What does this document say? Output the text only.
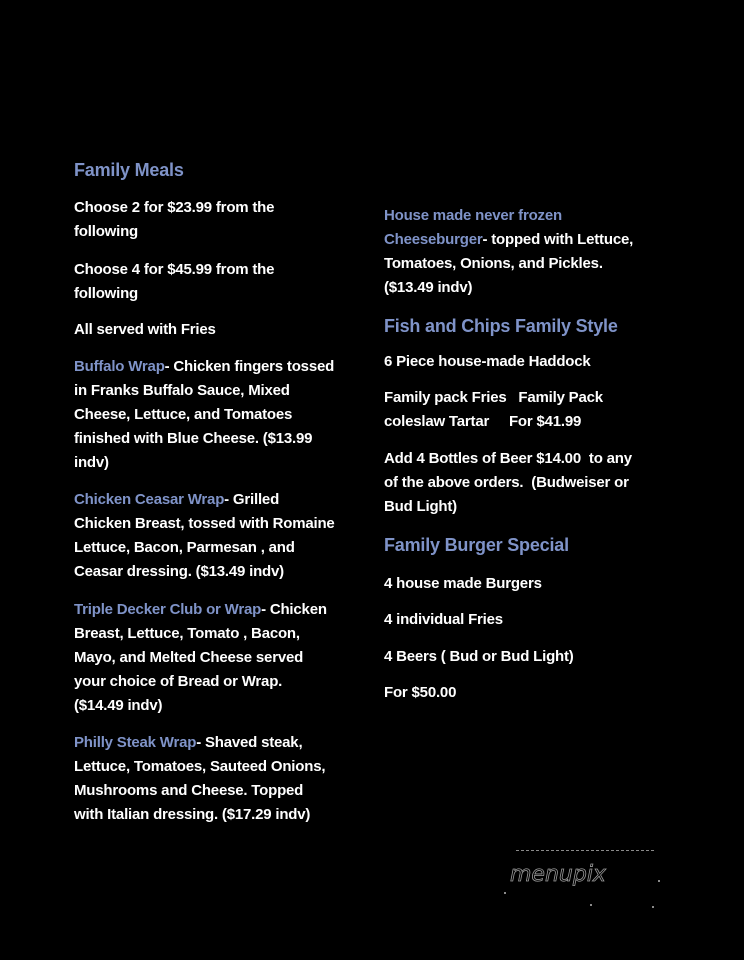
Family Meals
Choose 2 for $23.99 from the
following
Choose 4 for $45.99 from the
following
All served with Fries
Buffalo Wrap- Chicken fingers tossed
in Franks Buffalo Sauce, Mixed
Cheese, Lettuce, and Tomatoes
finished with Blue Cheese. ($13.99
indv)
Chicken Ceasar Wrap- Grilled
Chicken Breast, tossed with Romaine
Lettuce, Bacon, Parmesan , and
Ceasar dressing. ($13.49 indv)
Triple Decker Club or Wrap- Chicken
Breast, Lettuce, Tomato , Bacon,
Mayo, and Melted Cheese served
your choice of Bread or Wrap.
($14.49 indv)
Philly Steak Wrap- Shaved steak,
Lettuce, Tomatoes, Sauteed Onions,
Mushrooms and Cheese. Topped
with Italian dressing. ($17.29 indv)
House made never frozen
Cheeseburger- topped with Lettuce,
Tomatoes, Onions, and Pickles.
($13.49 indv)
Fish and Chips Family Style
6 Piece house-made Haddock
Family pack Fries   Family Pack
coleslaw Tartar     For $41.99
Add 4 Bottles of Beer $14.00  to any
of the above orders.  (Budweiser or
Bud Light)
Family Burger Special
4 house made Burgers
4 individual Fries
4 Beers ( Bud or Bud Light)
For $50.00
menupix
